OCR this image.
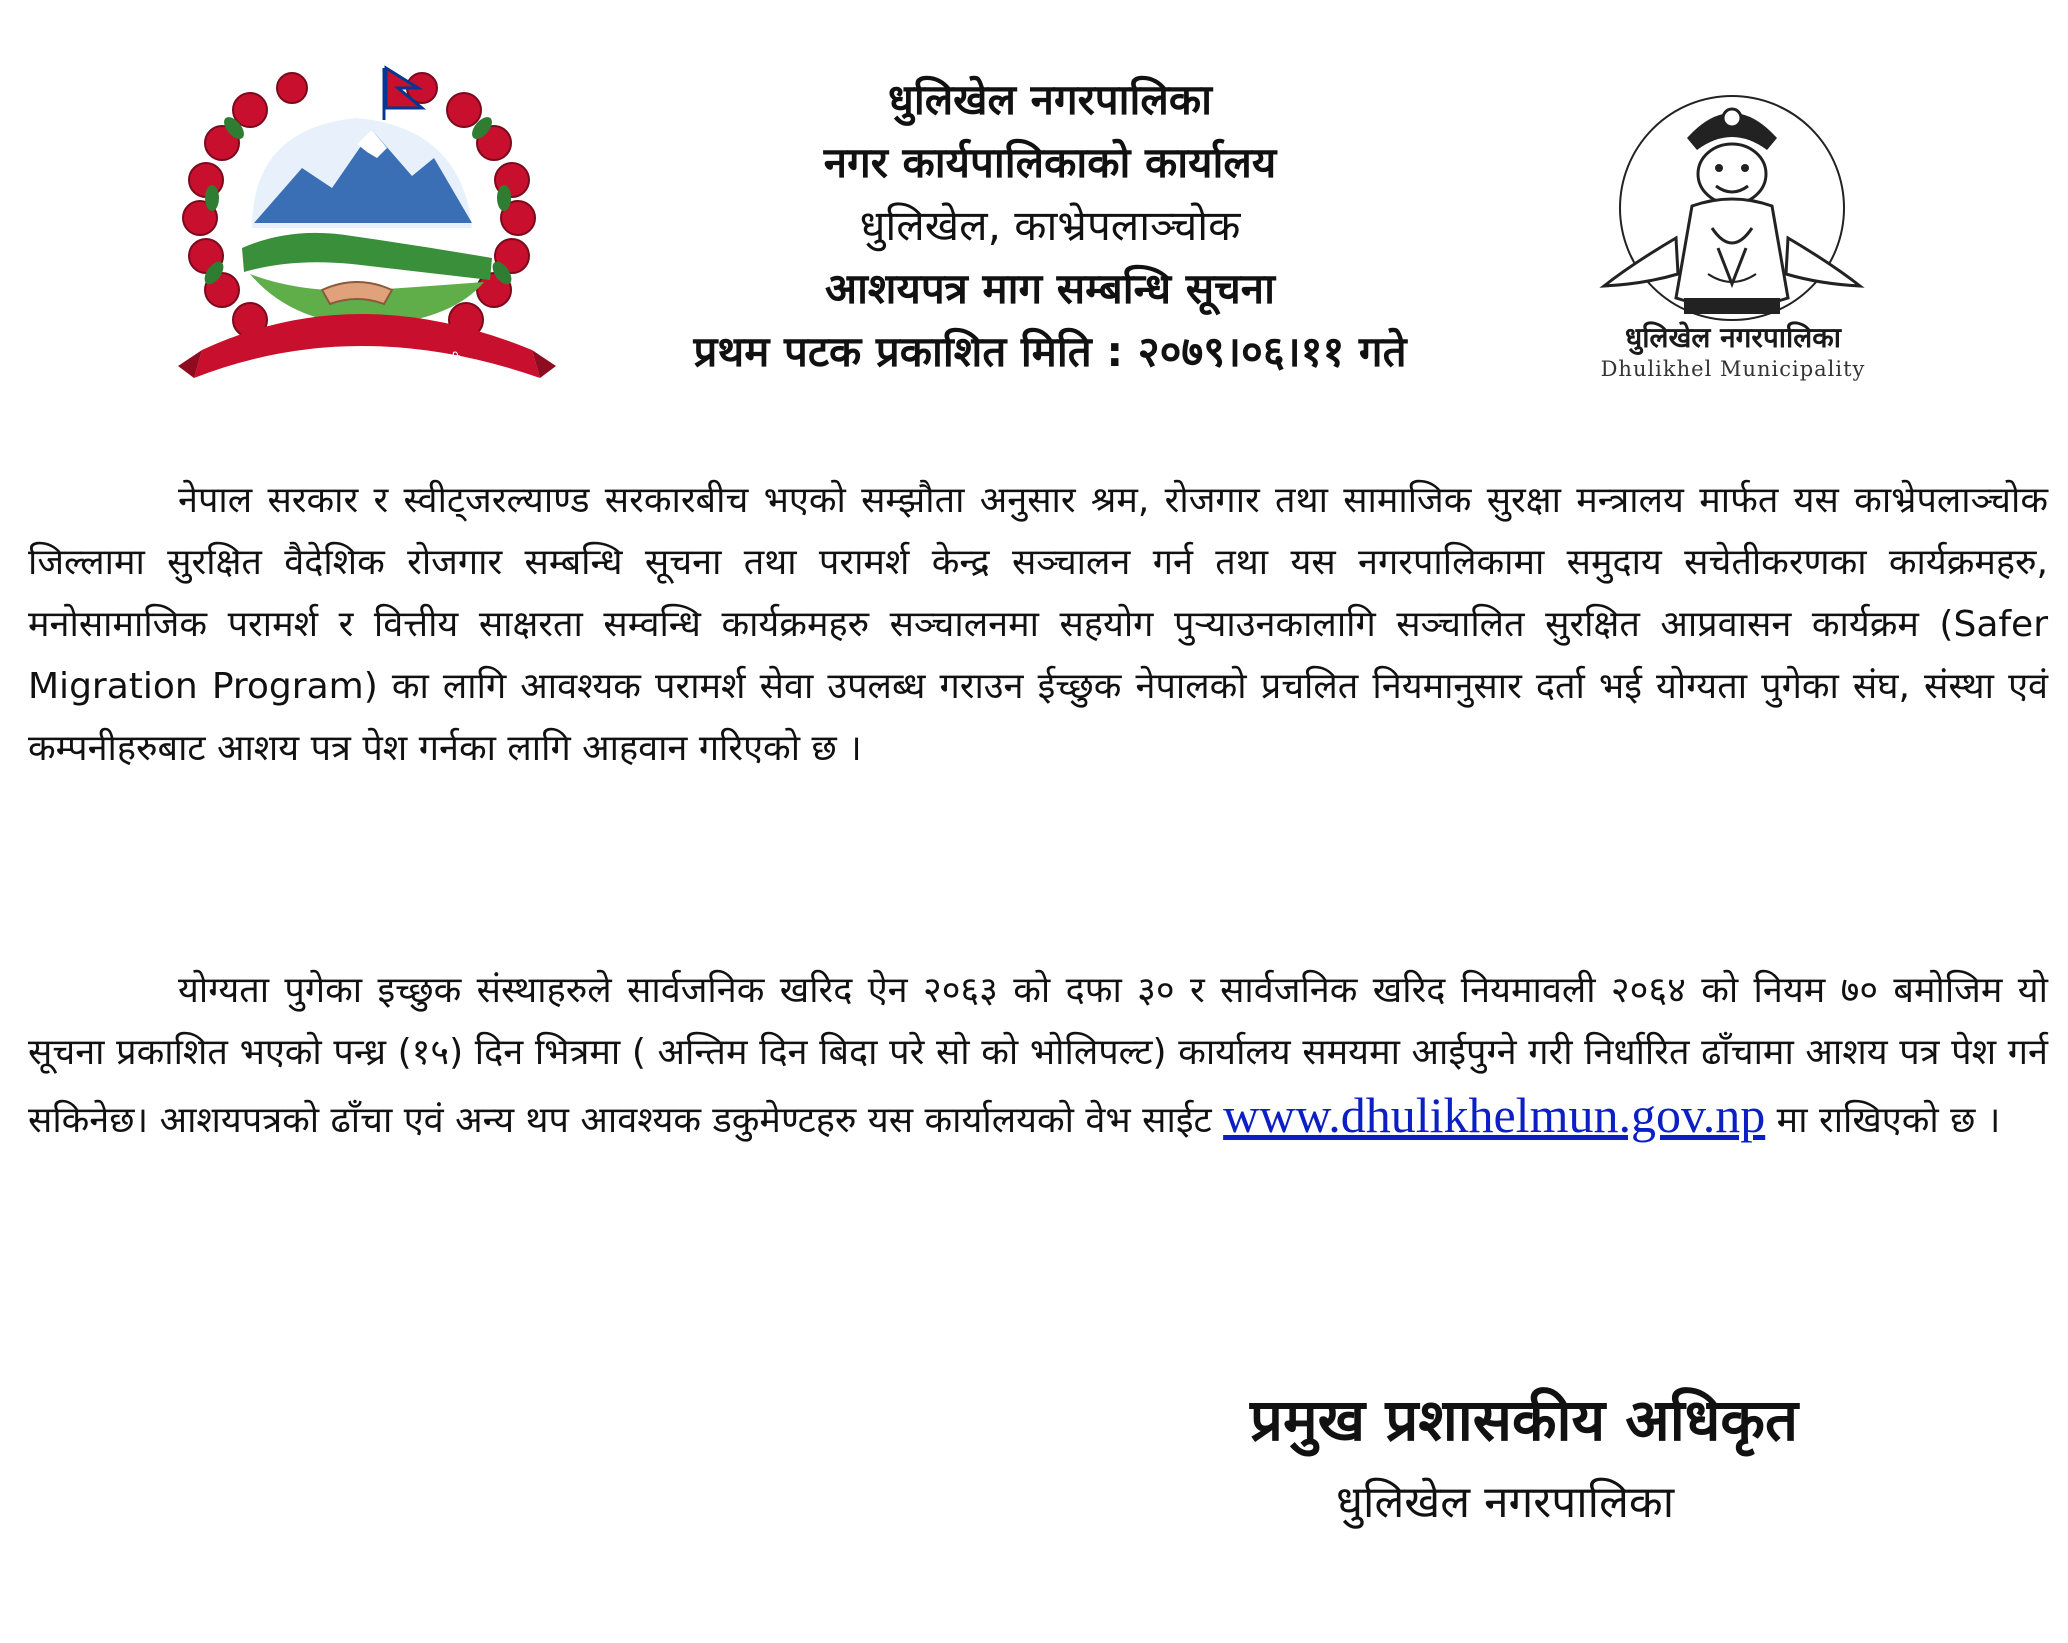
जननी जन्मभूमिश्च स्वर्गादपि गरीयसी
धुलिखेल नगरपालिका
नगर कार्यपालिकाको कार्यालय
धुलिखेल, काभ्रेपलाञ्चोक
आशयपत्र माग सम्बन्धि सूचना
प्रथम पटक प्रकाशित मिति : २०७९।०६।११ गते	धुलिखेल नगरपालिका
Dhulikhel Municipality
नेपाल सरकार र स्वीट्जरल्याण्ड सरकारबीच भएको सम्झौता अनुसार श्रम, रोजगार तथा सामाजिक सुरक्षा मन्त्रालय मार्फत यस काभ्रेपलाञ्चोक जिल्लामा सुरक्षित वैदेशिक रोजगार सम्बन्धि सूचना तथा परामर्श केन्द्र सञ्चालन गर्न तथा यस नगरपालिकामा समुदाय सचेतीकरणका कार्यक्रमहरु, मनोसामाजिक परामर्श र वित्तीय साक्षरता सम्वन्धि कार्यक्रमहरु सञ्चालनमा सहयोग पुर्‍याउनकालागि सञ्चालित सुरक्षित आप्रवासन कार्यक्रम (Safer Migration Program) का लागि आवश्यक परामर्श सेवा उपलब्ध गराउन ईच्छुक नेपालको प्रचलित नियमानुसार दर्ता भई योग्यता पुगेका संघ, संस्था एवं कम्पनीहरुबाट आशय पत्र पेश गर्नका लागि आहवान गरिएको छ ।
योग्यता पुगेका इच्छुक संस्थाहरुले सार्वजनिक खरिद ऐन २०६३ को दफा ३० र सार्वजनिक खरिद नियमावली २०६४ को नियम ७० बमोजिम यो सूचना प्रकाशित भएको पन्ध्र (१५) दिन भित्रमा ( अन्तिम दिन बिदा परे सो को भोलिपल्ट) कार्यालय समयमा आईपुग्ने गरी निर्धारित ढाँचामा आशय पत्र पेश गर्न सकिनेछ। आशयपत्रको ढाँचा एवं अन्य थप आवश्यक डकुमेण्टहरु यस कार्यालयको वेभ साईट www.dhulikhelmun.gov.np मा राखिएको छ ।
प्रमुख प्रशासकीय अधिकृत
धुलिखेल नगरपालिका
